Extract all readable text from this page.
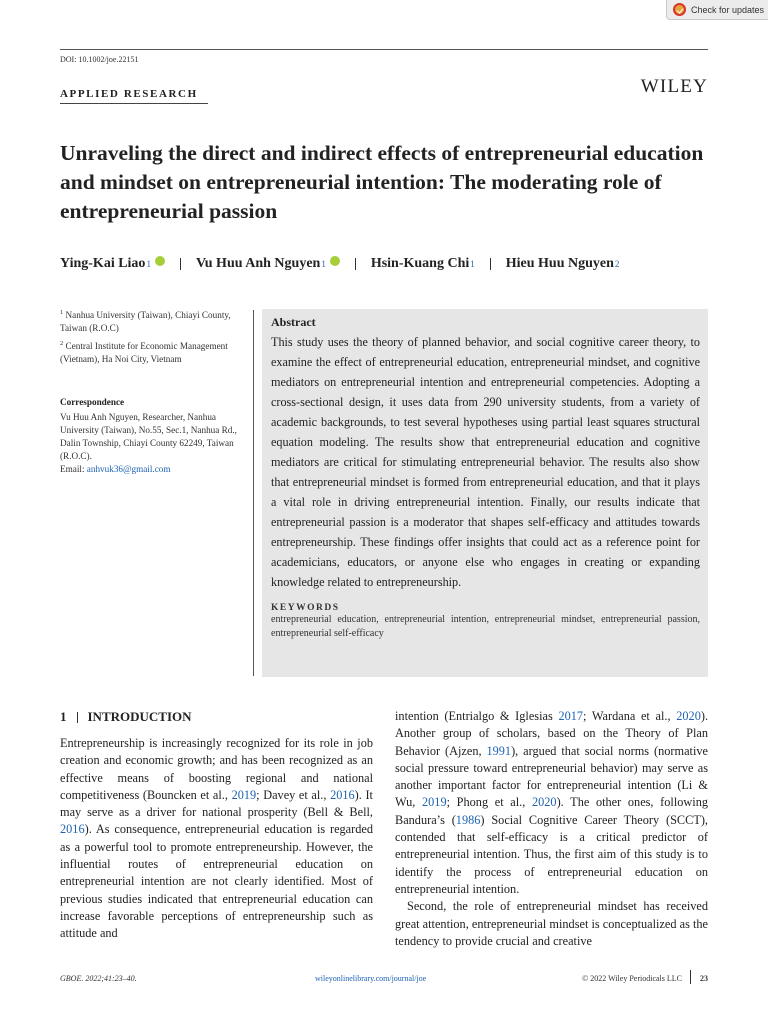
Check for updates
DOI: 10.1002/joe.22151
APPLIED RESEARCH	WILEY
Unraveling the direct and indirect effects of entrepreneurial education and mindset on entrepreneurial intention: The moderating role of entrepreneurial passion
Ying-Kai Liao 1	Vu Huu Anh Nguyen 1	Hsin-Kuang Chi 1 Hieu Huu Nguyen 2
$^1$ Nanhua University (Taiwan), Chiayi County, Taiwan (R.O.C)
$^2$ Central Institute for Economic Management (Vietnam), Ha Noi City, Vietnam
Correspondence
Vu Huu Anh Nguyen, Researcher, Nanhua University (Taiwan), No.55, Sec.1, Nanhua Rd., Dalin Township, Chiayi County 62249, Taiwan (R.O.C).
Email: anhvuk36@gmail.com
Abstract

This study uses the theory of planned behavior, and social cognitive career theory, to examine the effect of entrepreneurial education, entrepreneurial mindset, and cognitive mediators on entrepreneurial intention and entrepreneurial competencies. Adopting a cross-sectional design, it uses data from 290 university students, from a variety of academic backgrounds, to test several hypotheses using partial least squares structural equation modeling. The results show that entrepreneurial education and cognitive mediators are critical for stimulating entrepreneurial behavior. The results also show that entrepreneurial mindset is formed from entrepreneurial education, and that it plays a vital role in driving entrepreneurial intention. Finally, our results indicate that entrepreneurial passion is a moderator that shapes self-efficacy and attitudes towards entrepreneurship. These findings offer insights that could act as a reference point for academicians, educators, or anyone else who engages in creating or expanding knowledge related to entrepreneurship.

KEYWORDS

entrepreneurial education, entrepreneurial intention, entrepreneurial mindset, entrepreneurial passion, entrepreneurial self-efficacy

1 INTRODUCTION

Entrepreneurship is increasingly recognized for its role in job creation and economic growth; and has been recognized as an effective means of boosting regional and national competitiveness (Bouncken et al., 2019; Davey et al., 2016). It may serve as a driver for national prosperity (Bell & Bell, 2016). As consequence, entrepreneurial education is regarded as a powerful tool to promote entrepreneurship. However, the influential routes of entrepreneurial education on entrepreneurial intention are not clearly identified. Most of previous studies indicated that entrepreneurial education can increase favorable perceptions of entrepreneurship such as attitude and

intention (Entrialgo & Iglesias 2017; Wardana et al., 2020). Another group of scholars, based on the Theory of Plan Behavior (Ajzen, 1991), argued that social norms (normative social pressure toward entrepreneurial behavior) may serve as another important factor for entrepreneurial intention (Li & Wu, 2019; Phong et al., 2020). The other ones, following Bandura’s (1986) Social Cognitive Career Theory (SCCT), contended that self-efficacy is a critical predictor of entrepreneurial intention. Thus, the first aim of this study is to identify the process of entrepreneurial education on entrepreneurial intention.

Second, the role of entrepreneurial mindset has received great attention, entrepreneurial mindset is conceptualized as the tendency to provide crucial and creative

GBOE. 2022;41:23–40.	wileyonlinelibrary.com/journal/joe	© 2022 Wiley Periodicals LLC 23
